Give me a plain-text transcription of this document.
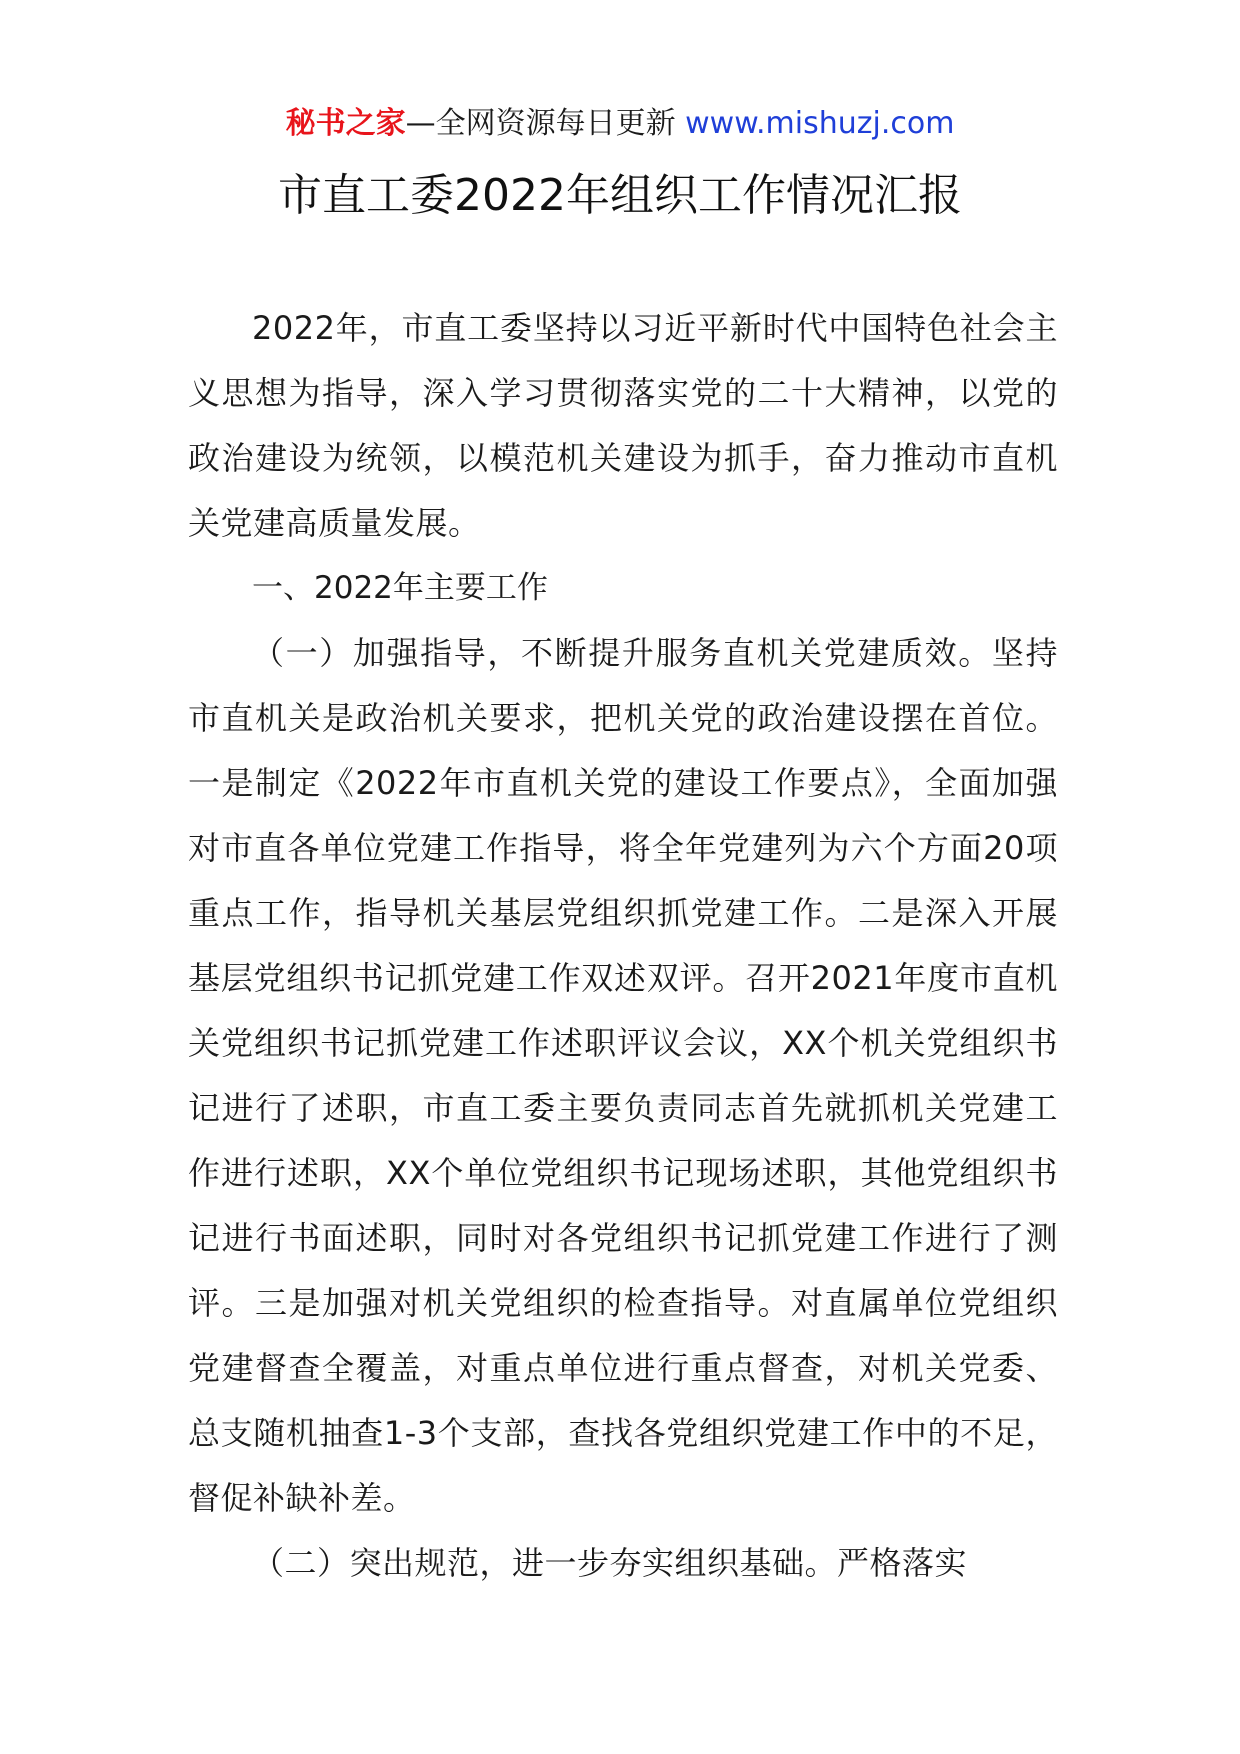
秘书之家—全网资源每日更新 www.mishuzj.com
市直工委2022年组织工作情况汇报

2022年，市直工委坚持以习近平新时代中国特色社会主义思想为指导，深入学习贯彻落实党的二十大精神，以党的政治建设为统领，以模范机关建设为抓手，奋力推动市直机关党建高质量发展。

一、2022年主要工作

（一）加强指导，不断提升服务直机关党建质效。坚持市直机关是政治机关要求，把机关党的政治建设摆在首位。一是制定《2022年市直机关党的建设工作要点》，全面加强对市直各单位党建工作指导，将全年党建列为六个方面20项重点工作，指导机关基层党组织抓党建工作。二是深入开展基层党组织书记抓党建工作双述双评。召开2021年度市直机关党组织书记抓党建工作述职评议会议，XX个机关党组织书记进行了述职，市直工委主要负责同志首先就抓机关党建工作进行述职，XX个单位党组织书记现场述职，其他党组织书记进行书面述职，同时对各党组织书记抓党建工作进行了测评。三是加强对机关党组织的检查指导。对直属单位党组织党建督查全覆盖，对重点单位进行重点督查，对机关党委、总支随机抽查1-3个支部，查找各党组织党建工作中的不足，督促补缺补差。

（二）突出规范，进一步夯实组织基础。严格落实
